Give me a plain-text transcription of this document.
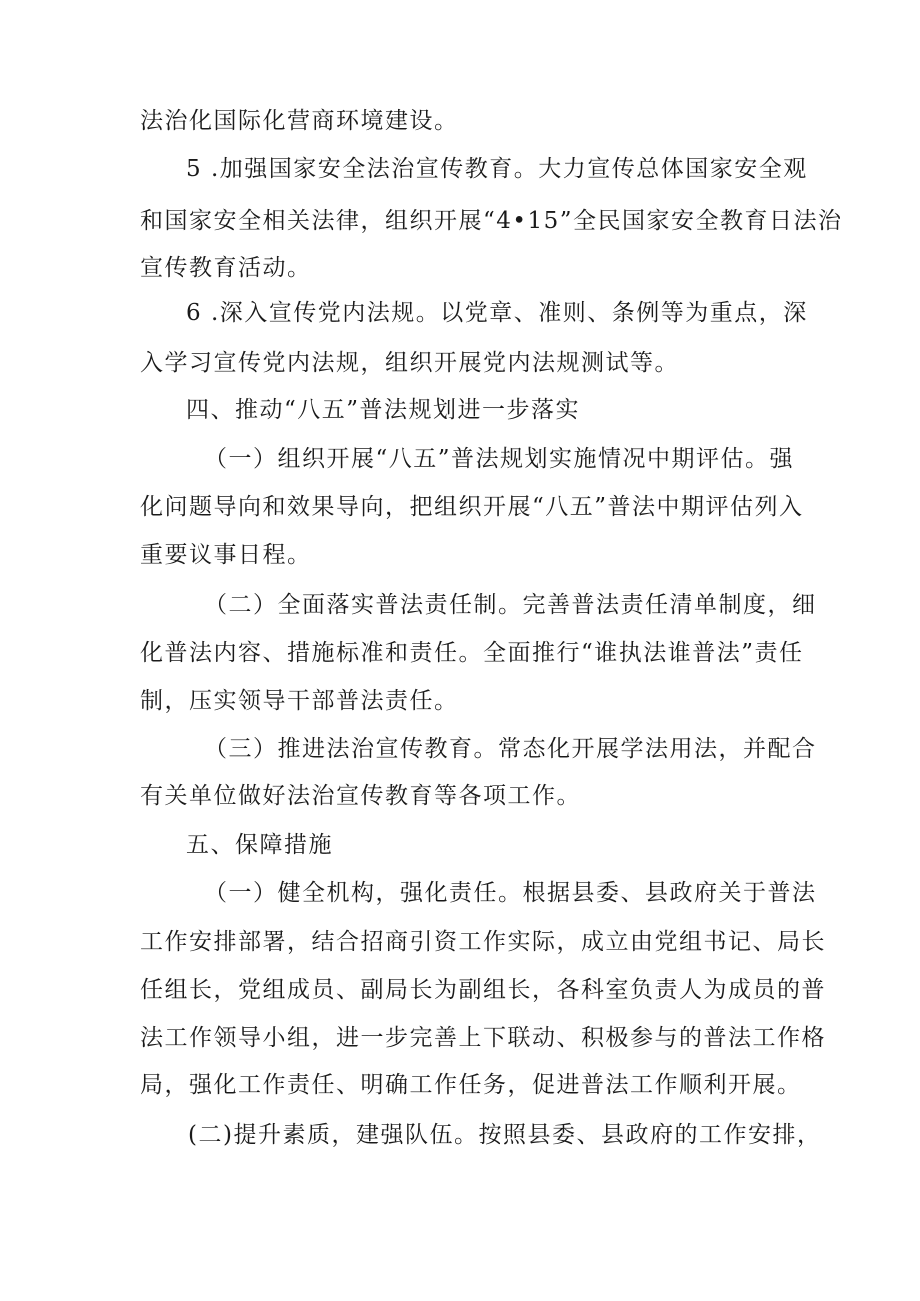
法治化国际化营商环境建设。
5 .加强国家安全法治宣传教育。大力宣传总体国家安全观
和国家安全相关法律，组织开展“4•15”全民国家安全教育日法治
宣传教育活动。
6 .深入宣传党内法规。以党章、准则、条例等为重点，深
入学习宣传党内法规，组织开展党内法规测试等。
四、推动“八五”普法规划进一步落实
（一）组织开展“八五”普法规划实施情况中期评估。强
化问题导向和效果导向，把组织开展“八五”普法中期评估列入
重要议事日程。
（二）全面落实普法责任制。完善普法责任清单制度，细
化普法内容、措施标准和责任。全面推行“谁执法谁普法”责任
制，压实领导干部普法责任。
（三）推进法治宣传教育。常态化开展学法用法，并配合
有关单位做好法治宣传教育等各项工作。
五、保障措施
（一）健全机构，强化责任。根据县委、县政府关于普法
工作安排部署，结合招商引资工作实际，成立由党组书记、局长
任组长，党组成员、副局长为副组长，各科室负责人为成员的普
法工作领导小组，进一步完善上下联动、积极参与的普法工作格
局，强化工作责任、明确工作任务，促进普法工作顺利开展。
(二)提升素质，建强队伍。按照县委、县政府的工作安排，
